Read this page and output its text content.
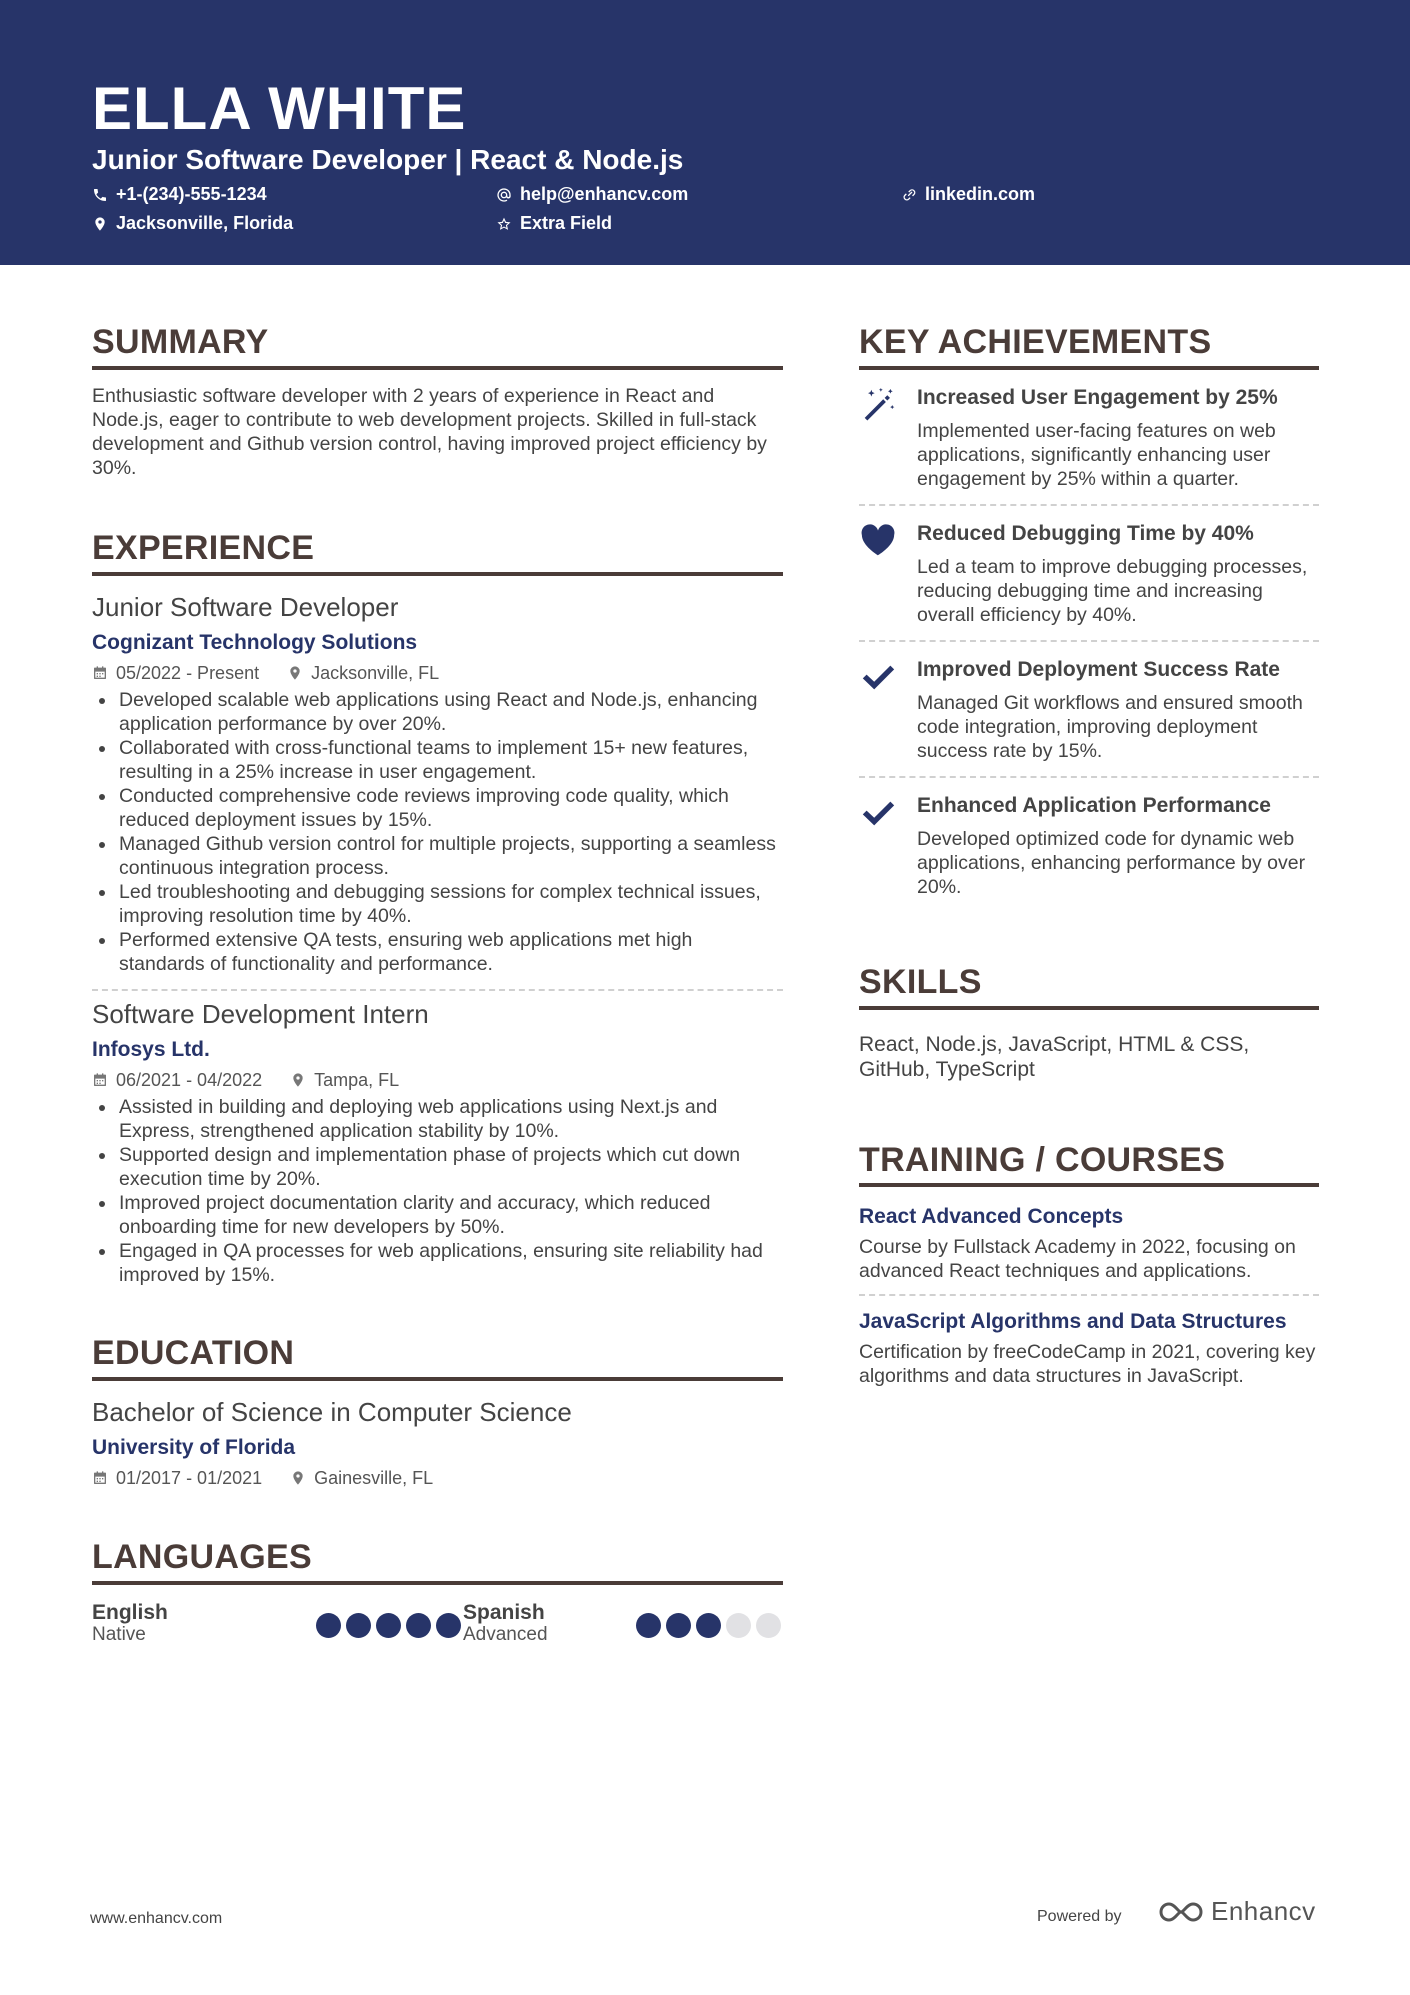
ELLA WHITE
Junior Software Developer | React & Node.js
+1-(234)-555-1234	help@enhancv.com	linkedin.com
Jacksonville, Florida	Extra Field
SUMMARY
Enthusiastic software developer with 2 years of experience in React and Node.js, eager to contribute to web development projects. Skilled in full-stack development and Github version control, having improved project efficiency by 30%.
EXPERIENCE
Junior Software Developer
Cognizant Technology Solutions
05/2022 - Present	Jacksonville, FL
Developed scalable web applications using React and Node.js, enhancing application performance by over 20%.
Collaborated with cross-functional teams to implement 15+ new features, resulting in a 25% increase in user engagement.
Conducted comprehensive code reviews improving code quality, which reduced deployment issues by 15%.
Managed Github version control for multiple projects, supporting a seamless continuous integration process.
Led troubleshooting and debugging sessions for complex technical issues, improving resolution time by 40%.
Performed extensive QA tests, ensuring web applications met high standards of functionality and performance.
Software Development Intern
Infosys Ltd.
06/2021 - 04/2022	Tampa, FL
Assisted in building and deploying web applications using Next.js and Express, strengthened application stability by 10%.
Supported design and implementation phase of projects which cut down execution time by 20%.
Improved project documentation clarity and accuracy, which reduced onboarding time for new developers by 50%.
Engaged in QA processes for web applications, ensuring site reliability had improved by 15%.
EDUCATION
Bachelor of Science in Computer Science
University of Florida
01/2017 - 01/2021	Gainesville, FL
LANGUAGES
English
Native
Spanish
Advanced
KEY ACHIEVEMENTS
Increased User Engagement by 25%
Implemented user-facing features on web applications, significantly enhancing user engagement by 25% within a quarter.
Reduced Debugging Time by 40%
Led a team to improve debugging processes, reducing debugging time and increasing overall efficiency by 40%.
Improved Deployment Success Rate
Managed Git workflows and ensured smooth code integration, improving deployment success rate by 15%.
Enhanced Application Performance
Developed optimized code for dynamic web applications, enhancing performance by over 20%.
SKILLS
React, Node.js, JavaScript, HTML & CSS, GitHub, TypeScript
TRAINING / COURSES
React Advanced Concepts
Course by Fullstack Academy in 2022, focusing on advanced React techniques and applications.
JavaScript Algorithms and Data Structures
Certification by freeCodeCamp in 2021, covering key algorithms and data structures in JavaScript.
www.enhancv.com	Powered by	Enhancv
